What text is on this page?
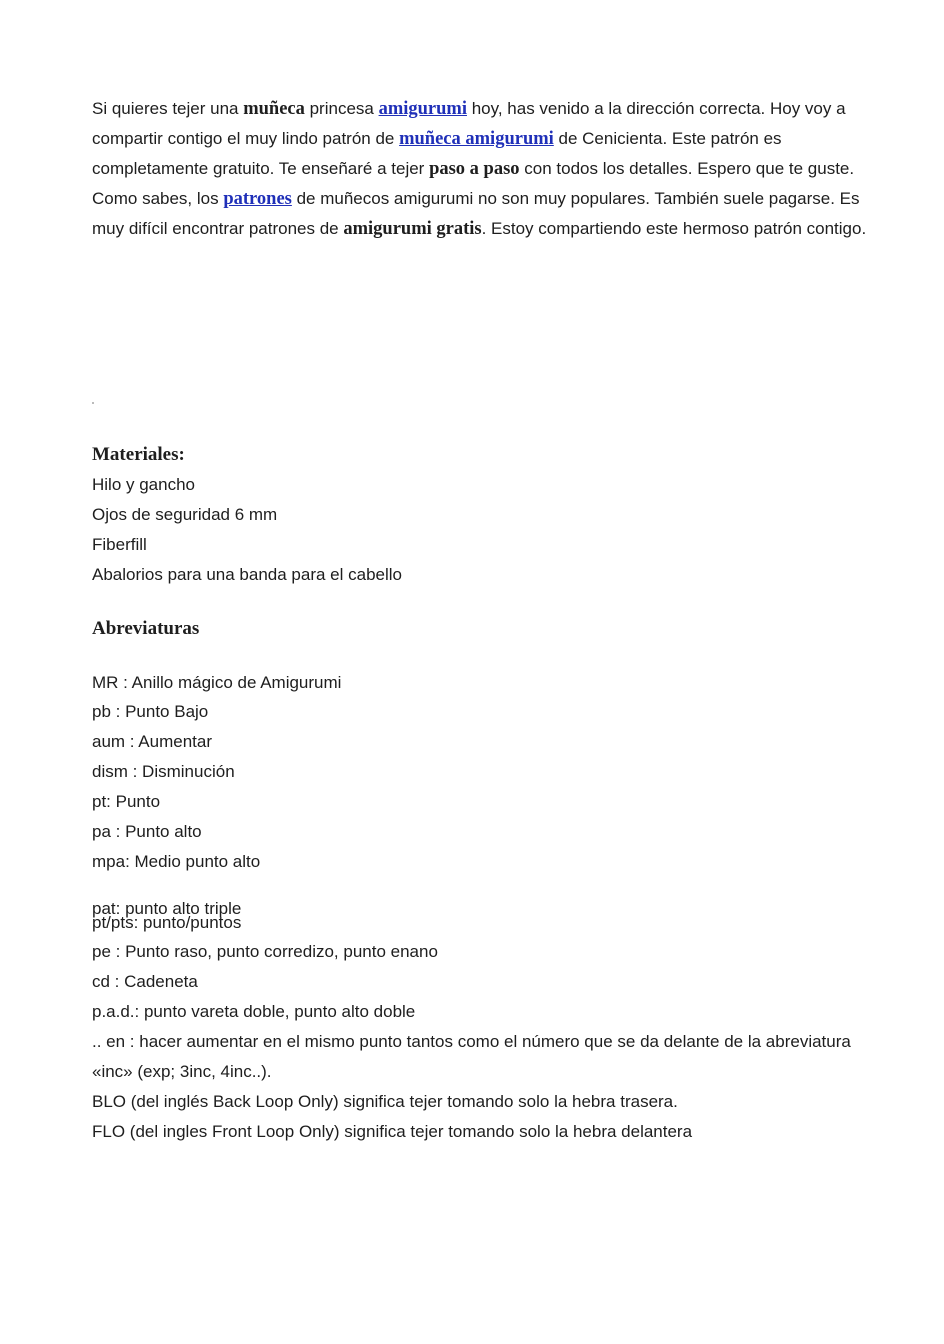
Si quieres tejer una muñeca princesa amigurumi hoy, has venido a la dirección correcta. Hoy voy a compartir contigo el muy lindo patrón de muñeca amigurumi de Cenicienta. Este patrón es completamente gratuito. Te enseñaré a tejer paso a paso con todos los detalles. Espero que te guste.

Como sabes, los patrones de muñecos amigurumi no son muy populares. También suele pagarse. Es muy difícil encontrar patrones de amigurumi gratis. Estoy compartiendo este hermoso patrón contigo.

Materiales:
Hilo y gancho
Ojos de seguridad 6 mm
Fiberfill
Abalorios para una banda para el cabello
Abreviaturas
MR : Anillo mágico de Amigurumi
pb : Punto Bajo
aum : Aumentar
dism : Disminución
pt: Punto
pa : Punto alto
mpa: Medio punto alto
pat: punto alto triple
pt/pts: punto/puntos
pe : Punto raso, punto corredizo, punto enano
cd : Cadeneta
p.a.d.: punto vareta doble, punto alto doble
.. en : hacer aumentar en el mismo punto tantos como el número que se da delante de la abreviatura «inc» (exp; 3inc, 4inc..).
BLO (del inglés Back Loop Only) significa tejer tomando solo la hebra trasera.
FLO (del ingles Front Loop Only) significa tejer tomando solo la hebra delantera
